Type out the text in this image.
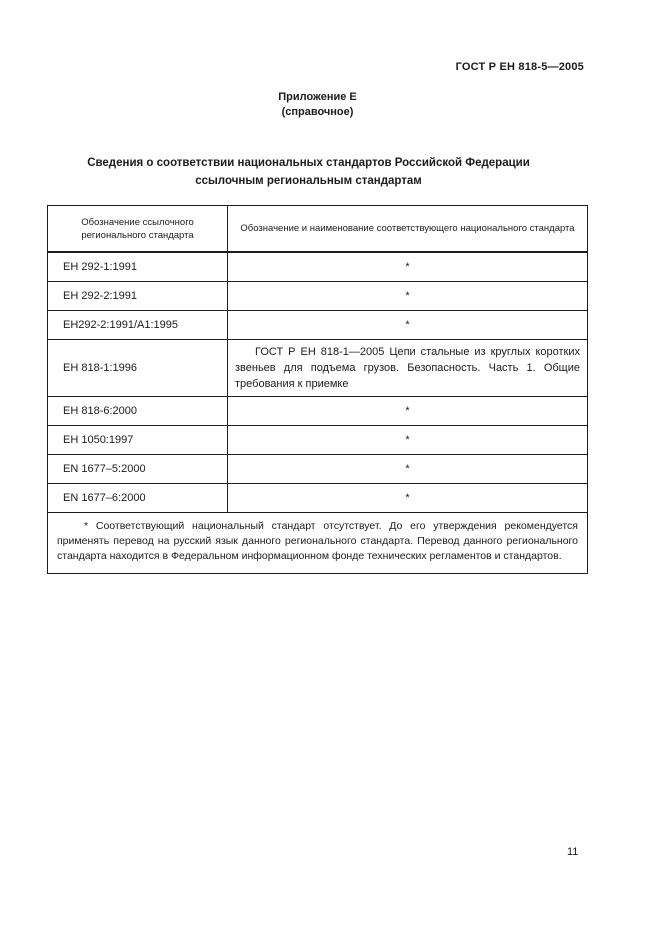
ГОСТ Р ЕН 818-5—2005
Приложение Е
(справочное)
Сведения о соответствии национальных стандартов Российской Федерации
ссылочным региональным стандартам
Обозначение ссылочного регионального стандарта	Обозначение и наименование соответствующего национального стандарта
ЕН 292-1:1991	*
ЕН 292-2:1991	*
ЕН292-2:1991/А1:1995	*
ЕН 818-1:1996	ГОСТ Р ЕН 818-1—2005 Цепи стальные из круглых коротких звеньев для подъема грузов. Безопасность. Часть 1. Общие требования к приемке
ЕН 818-6:2000	*
ЕН 1050:1997	*
EN 1677–5:2000	*
EN 1677–6:2000	*
* Соответствующий национальный стандарт отсутствует. До его утверждения рекомендуется применять перевод на русский язык данного регионального стандарта. Перевод данного регионального стандарта находится в Федеральном информационном фонде технических регламентов и стандартов.	
11
